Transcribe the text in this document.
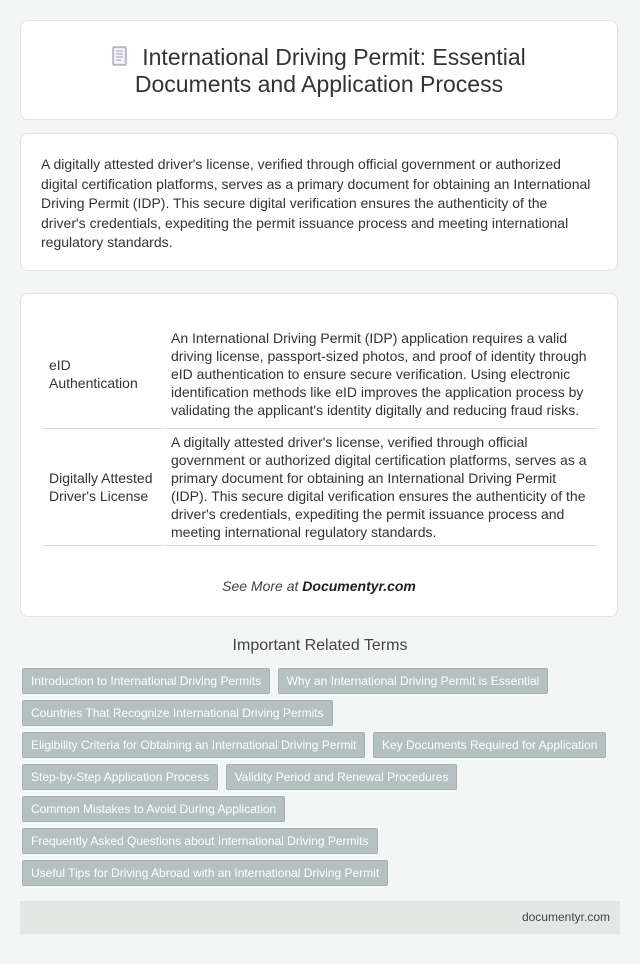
International Driving Permit: Essential Documents and Application Process

A digitally attested driver's license, verified through official government or authorized digital certification platforms, serves as a primary document for obtaining an International Driving Permit (IDP). This secure digital verification ensures the authenticity of the driver's credentials, expediting the permit issuance process and meeting international regulatory standards.

eID Authentication	An International Driving Permit (IDP) application requires a valid driving license, passport-sized photos, and proof of identity through eID authentication to ensure secure verification. Using electronic identification methods like eID improves the application process by validating the applicant's identity digitally and reducing fraud risks.
Digitally Attested Driver's License	A digitally attested driver's license, verified through official government or authorized digital certification platforms, serves as a primary document for obtaining an International Driving Permit (IDP). This secure digital verification ensures the authenticity of the driver's credentials, expediting the permit issuance process and meeting international regulatory standards.
See More at Documentyr.com
Important Related Terms
Introduction to International Driving Permits Why an International Driving Permit is Essential
Countries That Recognize International Driving Permits
Eligibility Criteria for Obtaining an International Driving Permit Key Documents Required for Application
Step-by-Step Application Process Validity Period and Renewal Procedures
Common Mistakes to Avoid During Application
Frequently Asked Questions about International Driving Permits
Useful Tips for Driving Abroad with an International Driving Permit
documentyr.com
